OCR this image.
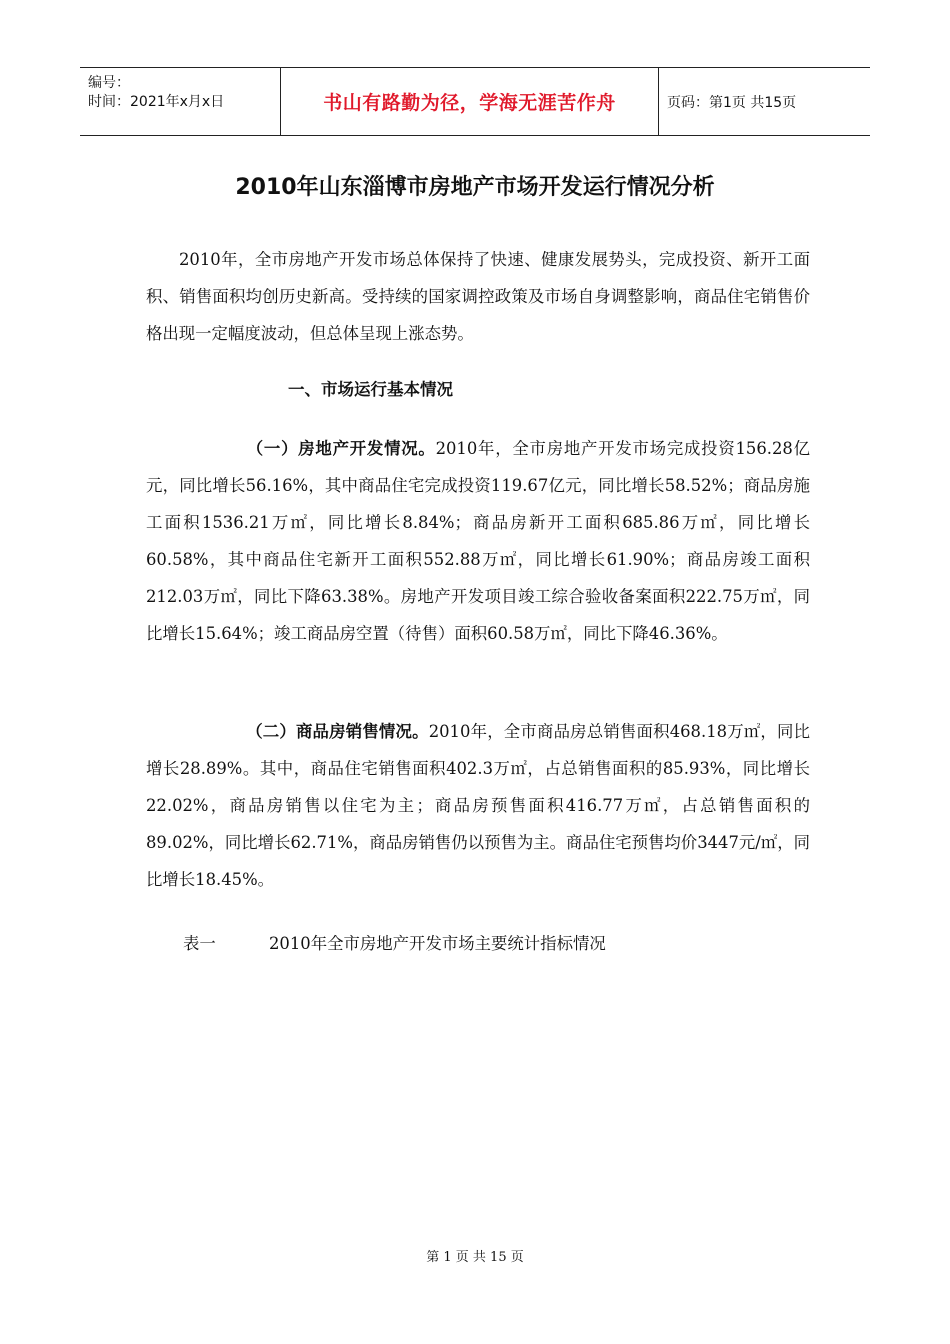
编号：
时间：2021年x月x日	书山有路勤为径，学海无涯苦作舟	页码：第1页 共15页
2010年山东淄博市房地产市场开发运行情况分析

2010年，全市房地产开发市场总体保持了快速、健康发展势头，完成投资、新开工面积、销售面积均创历史新高。受持续的国家调控政策及市场自身调整影响，商品住宅销售价格出现一定幅度波动，但总体呈现上涨态势。

一、市场运行基本情况

（一）房地产开发情况。2010年，全市房地产开发市场完成投资156.28亿元，同比增长56.16%，其中商品住宅完成投资119.67亿元，同比增长58.52%；商品房施工面积1536.21万㎡，同比增长8.84%；商品房新开工面积685.86万㎡，同比增长60.58%，其中商品住宅新开工面积552.88万㎡，同比增长61.90%；商品房竣工面积212.03万㎡，同比下降63.38%。房地产开发项目竣工综合验收备案面积222.75万㎡，同比增长15.64%；竣工商品房空置（待售）面积60.58万㎡，同比下降46.36%。

（二）商品房销售情况。2010年，全市商品房总销售面积468.18万㎡，同比增长28.89%。其中，商品住宅销售面积402.3万㎡，占总销售面积的85.93%，同比增长22.02%，商品房销售以住宅为主；商品房预售面积416.77万㎡，占总销售面积的89.02%，同比增长62.71%，商品房销售仍以预售为主。商品住宅预售均价3447元/㎡，同比增长18.45%。

表一	2010年全市房地产开发市场主要统计指标情况
第 1 页 共 15 页
